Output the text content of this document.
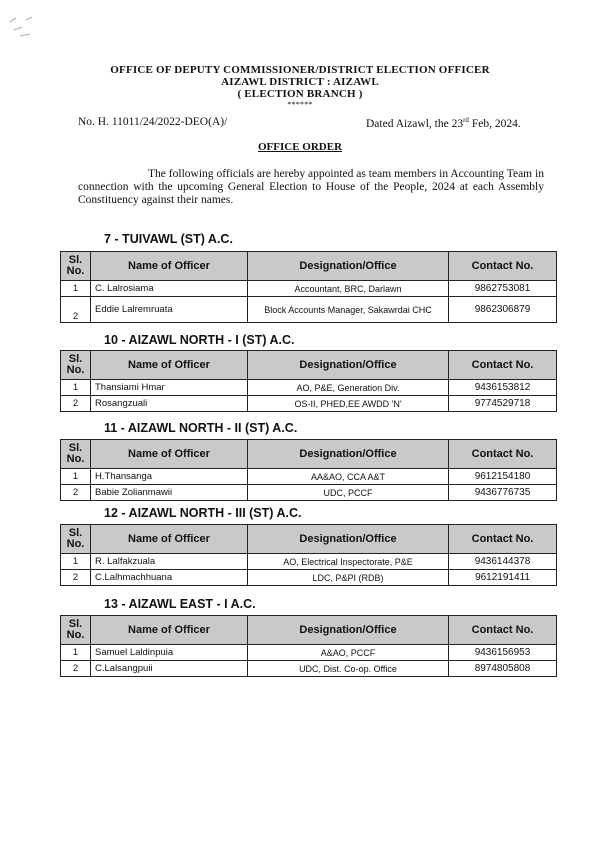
OFFICE OF DEPUTY COMMISSIONER/DISTRICT ELECTION OFFICER
AIZAWL DISTRICT : AIZAWL
( ELECTION BRANCH )
******
No. H. 11011/24/2022-DEO(A)/	Dated Aizawl, the 23rd Feb, 2024.
OFFICE ORDER
The following officials are hereby appointed as team members in Accounting Team in connection with the upcoming General Election to House of the People, 2024 at each Assembly Constituency against their names.
7 - TUIVAWL (ST) A.C.
Sl. No.	Name of Officer	Designation/Office	Contact No.
1	C. Lalrosiama	Accountant, BRC, Darlawn	9862753081
2	Eddie Lalremruata	Block Accounts Manager, Sakawrdai CHC	9862306879
10 - AIZAWL NORTH - I (ST) A.C.
Sl. No.	Name of Officer	Designation/Office	Contact No.
1	Thansiami Hmar	AO, P&E, Generation Div.	9436153812
2	Rosangzuali	OS-II, PHED,EE AWDD 'N'	9774529718
11 - AIZAWL NORTH - II (ST) A.C.
Sl. No.	Name of Officer	Designation/Office	Contact No.
1	H.Thansanga	AA&AO, CCA A&T	9612154180
2	Babie Zolianmawii	UDC, PCCF	9436776735
12 - AIZAWL NORTH - III (ST) A.C.
Sl. No.	Name of Officer	Designation/Office	Contact No.
1	R. Lalfakzuala	AO, Electrical Inspectorate, P&E	9436144378
2	C.Lalhmachhuana	LDC, P&PI (RDB)	9612191411
13 - AIZAWL EAST - I A.C.
Sl. No.	Name of Officer	Designation/Office	Contact No.
1	Samuel Laldinpuia	A&AO, PCCF	9436156953
2	C.Lalsangpuii	UDC, Dist. Co-op. Office	8974805808
